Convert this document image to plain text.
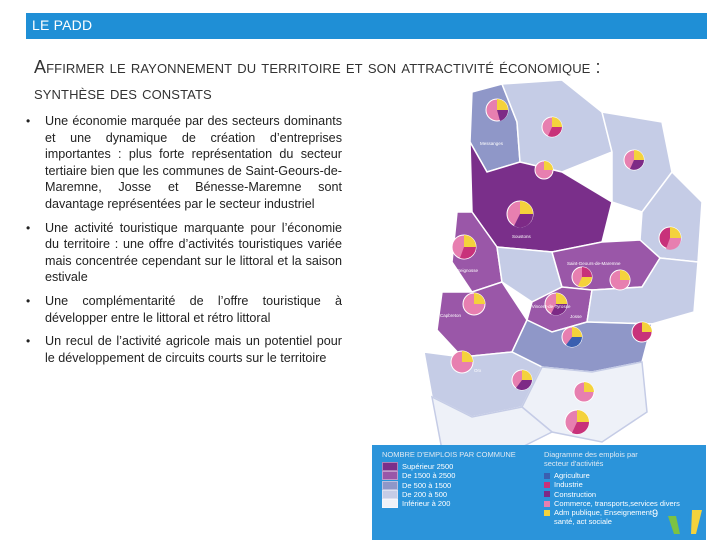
LE PADD
Affirmer le rayonnement du territoire et son attractivité économique :
synthèse des constats
• Une économie marquée par des secteurs dominants et une dynamique de création d’entreprises importantes : plus forte représentation du secteur tertiaire bien que les communes de Saint-Geours-de-Maremne, Josse et Bénesse-Maremne sont davantage représentées par le secteur industriel
• Une activité touristique marquante pour l’économie du territoire : une offre d’activités touristiques variée mais concentrée cependant sur le littoral et la saison estivale
• Une complémentarité de l’offre touristique à développer entre le littoral et rétro littoral
• Un recul de l’activité agricole mais un potentiel pour le développement de circuits courts sur le territoire
Messanges
Soustons
Seignosse
Saint-Geours-de-Maremne
Saint-Vincent-de-Tyrosse
Capbreton	Josse
Orx
NOMBRE D'EMPLOIS PAR COMMUNE
Supérieur 2500
De 1500 à 2500
De 500 à 1500
De 200 à 500
Inférieur à 200
Diagramme des emplois par
secteur d'activités
Agriculture
Industrie
Construction
Commerce, transports,services divers
Adm publique, Enseignement,
santé, act sociale
9
